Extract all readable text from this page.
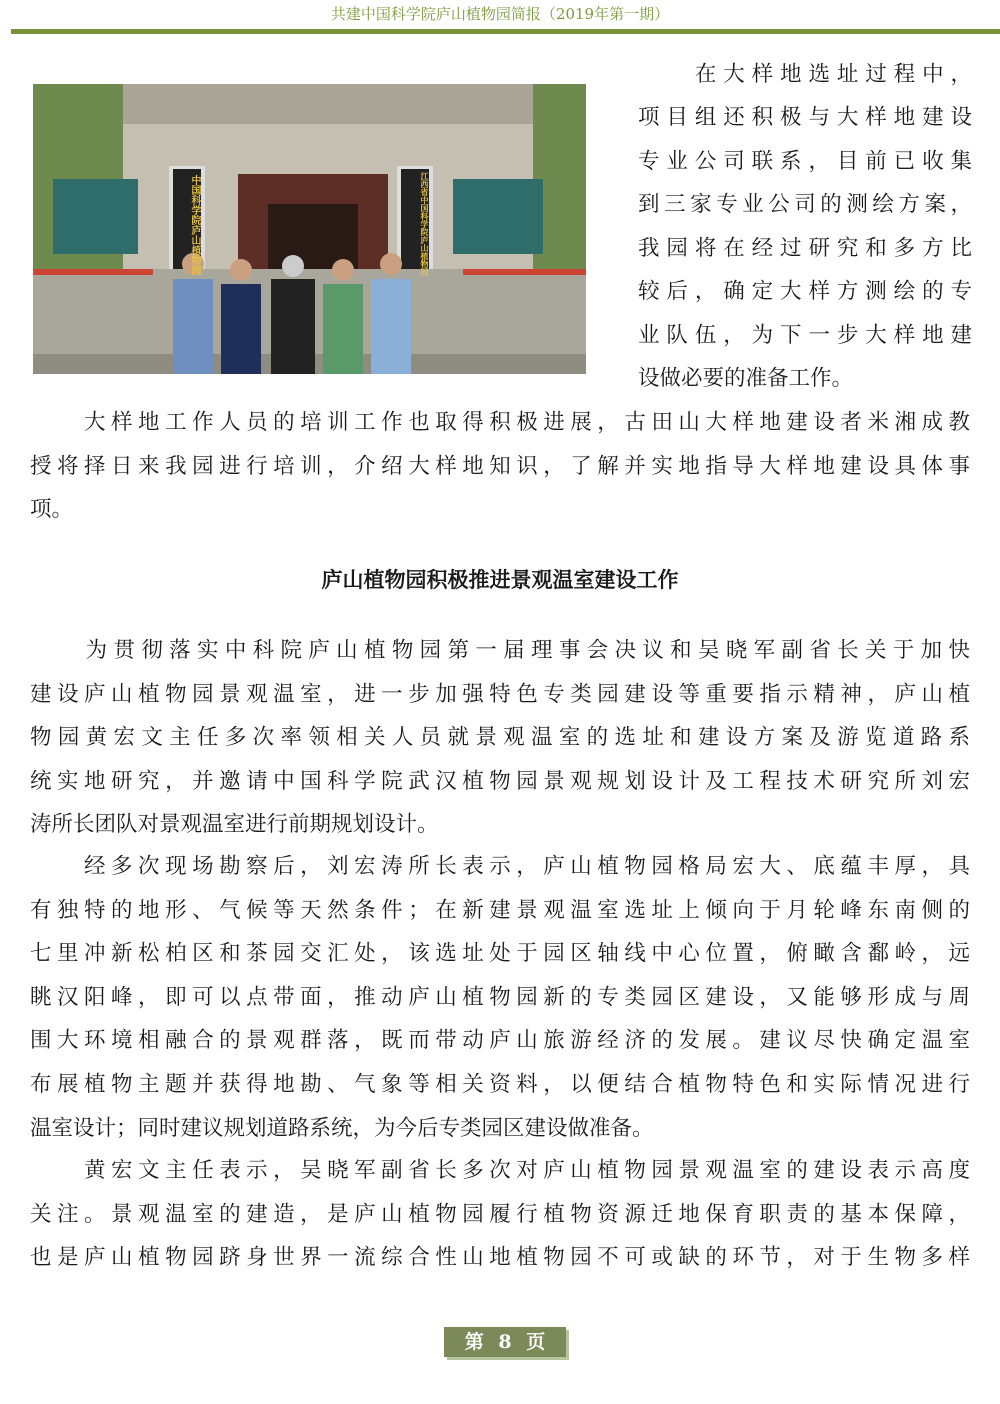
共建中国科学院庐山植物园简报（2019年第一期）
中国科学院庐山植物园	江西省中国科学院庐山植物园
　　在大样地选址过程中，
项目组还积极与大样地建设
专业公司联系，目前已收集
到三家专业公司的测绘方案，
我园将在经过研究和多方比
较后，确定大样方测绘的专
业队伍，为下一步大样地建
设做必要的准备工作。
　　大样地工作人员的培训工作也取得积极进展，古田山大样地建设者米湘成教
授将择日来我园进行培训，介绍大样地知识，了解并实地指导大样地建设具体事
项。
　　为贯彻落实中科院庐山植物园第一届理事会决议和吴晓军副省长关于加快
建设庐山植物园景观温室，进一步加强特色专类园建设等重要指示精神，庐山植
物园黄宏文主任多次率领相关人员就景观温室的选址和建设方案及游览道路系
统实地研究，并邀请中国科学院武汉植物园景观规划设计及工程技术研究所刘宏
涛所长团队对景观温室进行前期规划设计。
　　经多次现场勘察后，刘宏涛所长表示，庐山植物园格局宏大、底蕴丰厚，具
有独特的地形、气候等天然条件；在新建景观温室选址上倾向于月轮峰东南侧的
七里冲新松柏区和茶园交汇处，该选址处于园区轴线中心位置，俯瞰含鄱岭，远
眺汉阳峰，即可以点带面，推动庐山植物园新的专类园区建设，又能够形成与周
围大环境相融合的景观群落，既而带动庐山旅游经济的发展。建议尽快确定温室
布展植物主题并获得地勘、气象等相关资料，以便结合植物特色和实际情况进行
温室设计；同时建议规划道路系统，为今后专类园区建设做准备。
　　黄宏文主任表示，吴晓军副省长多次对庐山植物园景观温室的建设表示高度
关注。景观温室的建造，是庐山植物园履行植物资源迁地保育职责的基本保障，
也是庐山植物园跻身世界一流综合性山地植物园不可或缺的环节，对于生物多样
庐山植物园积极推进景观温室建设工作
第 8 页
